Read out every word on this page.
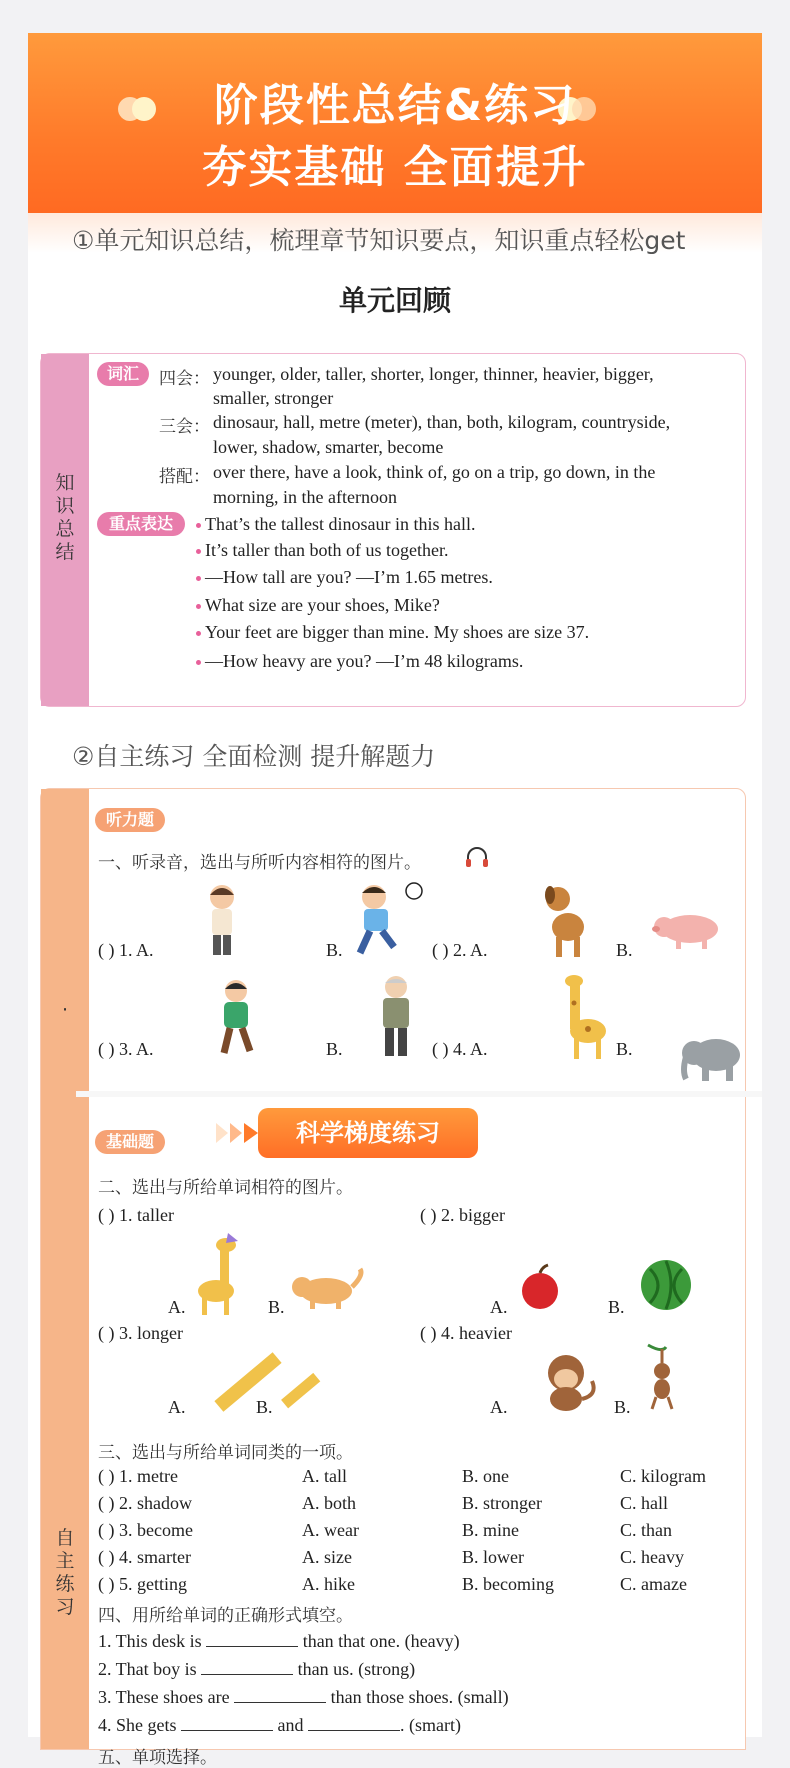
阶段性总结&练习
夯实基础 全面提升
①单元知识总结，梳理章节知识要点，知识重点轻松get
单元回顾
知
识
总
结
词汇	四会： younger, older, taller, shorter, longer, thinner, heavier, bigger,
smaller, stronger
三会： dinosaur, hall, metre (meter), than, both, kilogram, countryside,
lower, shadow, smarter, become
搭配： over there, have a look, think of, go on a trip, go down, in the
morning, in the afternoon
重点表达	That’s the tallest dinosaur in this hall.
It’s taller than both of us together.
—How tall are you? —I’m 1.65 metres.
What size are your shoes, Mike?
Your feet are bigger than mine. My shoes are size 37.
—How heavy are you? —I’m 48 kilograms.
②自主练习 全面检测 提升解题力
·
自
主
练
习
听力题
一、听录音，选出与所听内容相符的图片。
( ) 1. A.	B.	( ) 2. A.	B.
( ) 3. A.	B.	( ) 4. A.	B.
基础题	科学梯度练习
二、选出与所给单词相符的图片。
( ) 1. taller	( ) 2. bigger
A.	B.	A.	B.
( ) 3. longer	( ) 4. heavier
A.	B.	A.	B.
三、选出与所给单词同类的一项。
( ) 1. metre	A. tall	B. one	C. kilogram
( ) 2. shadow	A. both	B. stronger	C. hall
( ) 3. become	A. wear	B. mine	C. than
( ) 4. smarter	A. size	B. lower	C. heavy
( ) 5. getting	A. hike	B. becoming	C. amaze
四、用所给单词的正确形式填空。
1. This desk is	than that one. (heavy)
2. That boy is	than us. (strong)
3. These shoes are	than those shoes. (small)
4. She gets	and	. (smart)
五、单项选择。
